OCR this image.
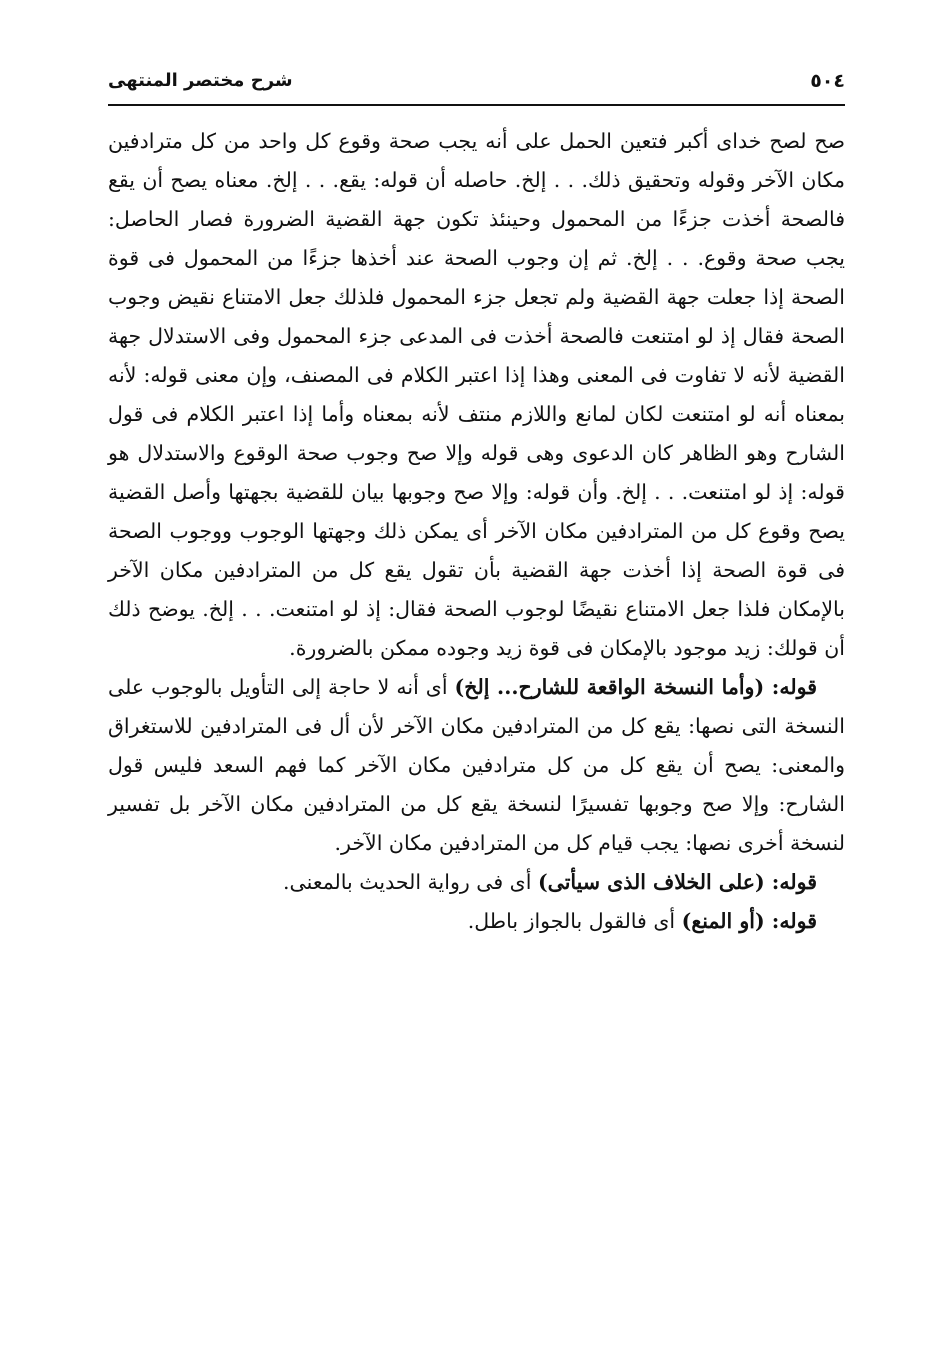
٥٠٤
شرح مختصر المنتهى

صح لصح خداى أكبر فتعين الحمل على أنه يجب صحة وقوع كل واحد من كل مترادفين مكان الآخر وقوله وتحقيق ذلك. . . إلخ. حاصله أن قوله: يقع. . . إلخ. معناه يصح أن يقع فالصحة أخذت جزءًا من المحمول وحينئذ تكون جهة القضية الضرورة فصار الحاصل: يجب صحة وقوع. . . إلخ. ثم إن وجوب الصحة عند أخذها جزءًا من المحمول فى قوة الصحة إذا جعلت جهة القضية ولم تجعل جزء المحمول فلذلك جعل الامتناع نقيض وجوب الصحة فقال إذ لو امتنعت فالصحة أخذت فى المدعى جزء المحمول وفى الاستدلال جهة القضية لأنه لا تفاوت فى المعنى وهذا إذا اعتبر الكلام فى المصنف، وإن معنى قوله: لأنه بمعناه أنه لو امتنعت لكان لمانع واللازم منتف لأنه بمعناه وأما إذا اعتبر الكلام فى قول الشارح وهو الظاهر كان الدعوى وهى قوله وإلا صح وجوب صحة الوقوع والاستدلال هو قوله: إذ لو امتنعت. . . إلخ. وأن قوله: وإلا صح وجوبها بيان للقضية بجهتها وأصل القضية يصح وقوع كل من المترادفين مكان الآخر أى يمكن ذلك وجهتها الوجوب ووجوب الصحة فى قوة الصحة إذا أخذت جهة القضية بأن تقول يقع كل من المترادفين مكان الآخر بالإمكان فلذا جعل الامتناع نقيضًا لوجوب الصحة فقال: إذ لو امتنعت. . . إلخ. يوضح ذلك أن قولك: زيد موجود بالإمكان فى قوة زيد وجوده ممكن بالضرورة.

قوله: (وأما النسخة الواقعة للشارح... إلخ) أى أنه لا حاجة إلى التأويل بالوجوب على النسخة التى نصها: يقع كل من المترادفين مكان الآخر لأن أل فى المترادفين للاستغراق والمعنى: يصح أن يقع كل من كل مترادفين مكان الآخر كما فهم السعد فليس قول الشارح: وإلا صح وجوبها تفسيرًا لنسخة يقع كل من المترادفين مكان الآخر بل تفسير لنسخة أخرى نصها: يجب قيام كل من المترادفين مكان الآخر.

قوله: (على الخلاف الذى سيأتى) أى فى رواية الحديث بالمعنى.

قوله: (أو المنع) أى فالقول بالجواز باطل.
